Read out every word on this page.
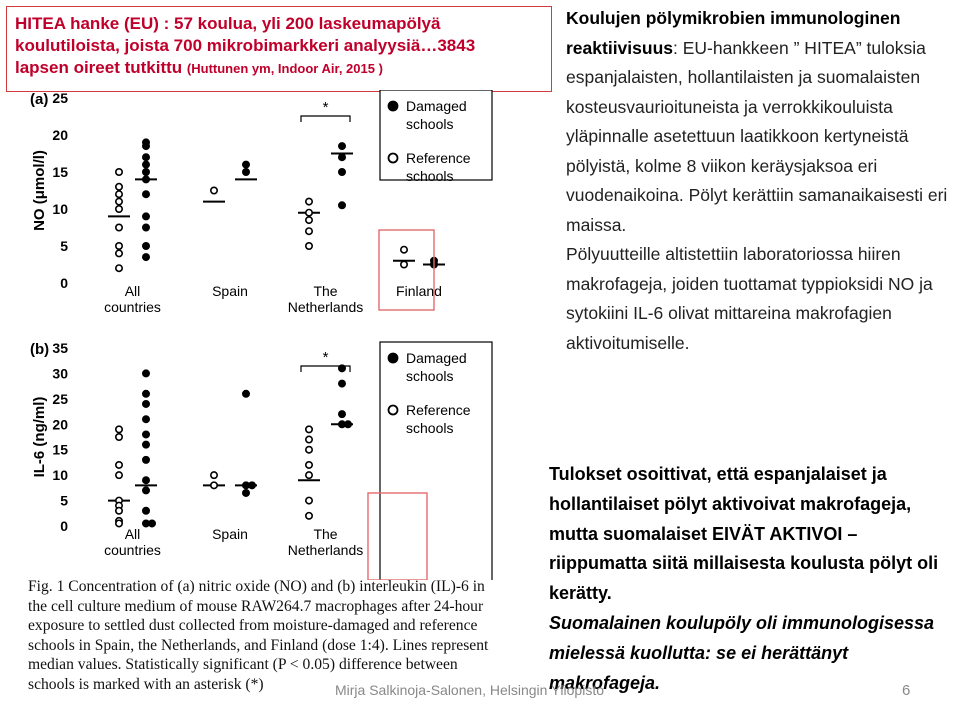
HITEA hanke (EU) : 57 koulua, yli 200 laskeumapölyä
koulutiloista, joista 700 mikrobimarkkeri analyysiä…3843
lapsen oireet tutkittu (Huttunen ym, Indoor Air, 2015 )
(a)
NO (μmol/l)
0
5
10
15
20
25
All
countries
Spain	The
Netherlands
Finland
*	Damaged
schools
Reference
schools
(b)
IL-6 (ng/ml)
0
5
10
15
20
25
30
35
All
countries
Spain	The
Netherlands
*	Damaged
schools
Reference
schools
Fig. 1 Concentration of (a) nitric oxide (NO) and (b) interleukin (IL)-6 in the cell culture medium of mouse RAW264.7 macrophages after 24-hour exposure to settled dust collected from moisture-damaged and reference schools in Spain, the Netherlands, and Finland (dose 1:4). Lines represent median values. Statistically significant (P < 0.05) difference between schools is marked with an asterisk (*)

Koulujen pölymikrobien immunologinen reaktiivisuus: EU-hankkeen ” HITEA” tuloksia espanjalaisten, hollantilaisten ja suomalaisten kosteusvaurioituneista ja verrokkikouluista yläpinnalle asetettuun laatikkoon kertyneistä pölyistä, kolme 8 viikon keräysjaksoa eri vuodenaikoina. Pölyt kerättiin samanaikaisesti eri maissa.

Pölyuutteille altistettiin laboratoriossa hiiren makrofageja, joiden tuottamat typpioksidi NO ja sytokiini IL-6 olivat mittareina makrofagien aktivoitumiselle.

Tulokset osoittivat, että espanjalaiset ja hollantilaiset pölyt aktivoivat makrofageja, mutta suomalaiset EIVÄT AKTIVOI – riippumatta siitä millaisesta koulusta pölyt oli kerätty.
Suomalainen koulupöly oli immunologisessa mielessä kuollutta: se ei herättänyt makrofageja.
Mirja Salkinoja-Salonen, Helsingin Yliopisto	6
